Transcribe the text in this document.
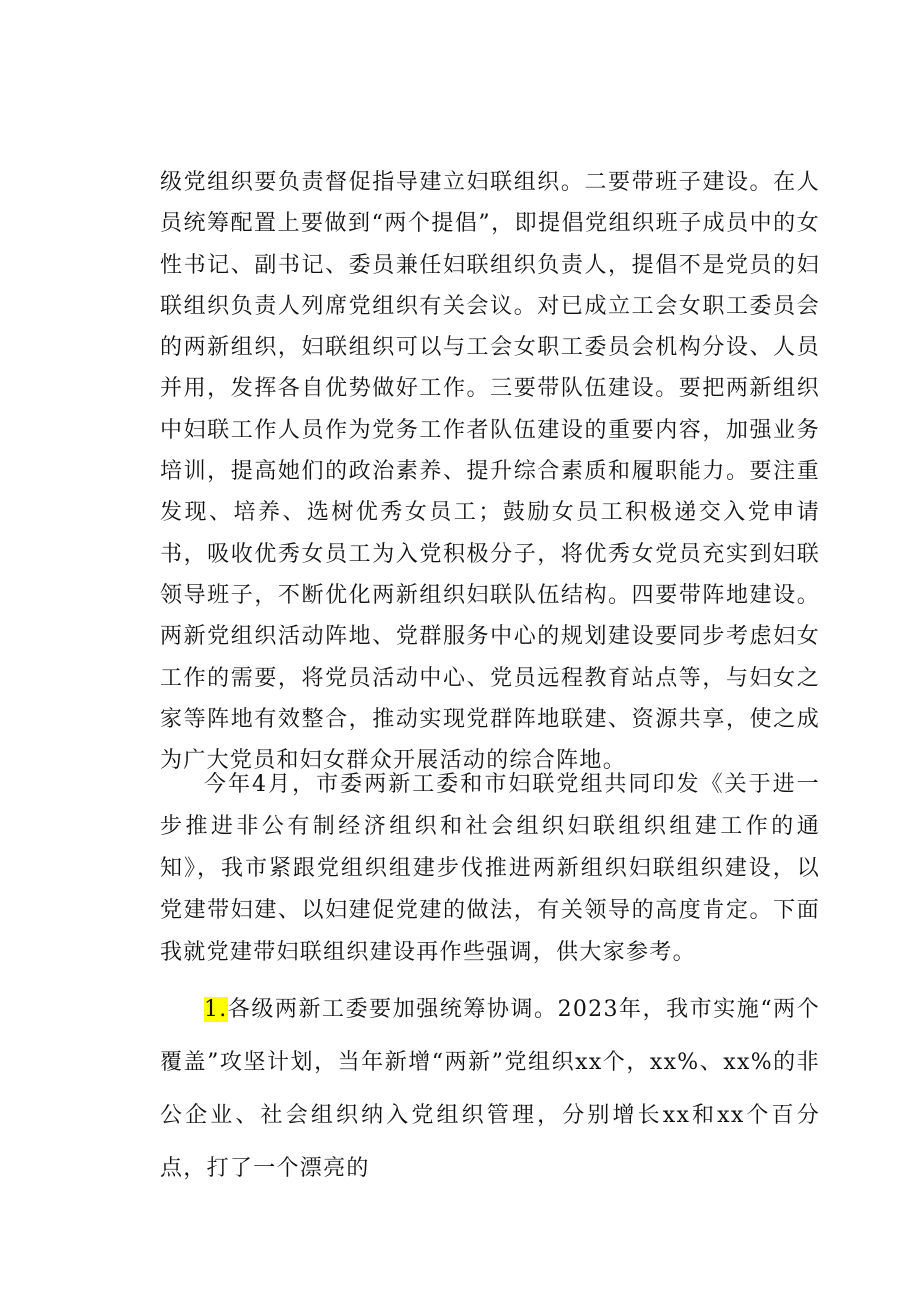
级党组织要负责督促指导建立妇联组织。二要带班子建设。在人员统筹配置上要做到“两个提倡”，即提倡党组织班子成员中的女性书记、副书记、委员兼任妇联组织负责人，提倡不是党员的妇联组织负责人列席党组织有关会议。对已成立工会女职工委员会的两新组织，妇联组织可以与工会女职工委员会机构分设、人员并用，发挥各自优势做好工作。三要带队伍建设。要把两新组织中妇联工作人员作为党务工作者队伍建设的重要内容，加强业务培训，提高她们的政治素养、提升综合素质和履职能力。要注重发现、培养、选树优秀女员工；鼓励女员工积极递交入党申请书，吸收优秀女员工为入党积极分子，将优秀女党员充实到妇联领导班子，不断优化两新组织妇联队伍结构。四要带阵地建设。两新党组织活动阵地、党群服务中心的规划建设要同步考虑妇女工作的需要，将党员活动中心、党员远程教育站点等，与妇女之家等阵地有效整合，推动实现党群阵地联建、资源共享，使之成为广大党员和妇女群众开展活动的综合阵地。

今年4月，市委两新工委和市妇联党组共同印发《关于进一步推进非公有制经济组织和社会组织妇联组织组建工作的通知》，我市紧跟党组织组建步伐推进两新组织妇联组织建设，以党建带妇建、以妇建促党建的做法，有关领导的高度肯定。下面我就党建带妇联组织建设再作些强调，供大家参考。

1.各级两新工委要加强统筹协调。2023年，我市实施“两个覆盖”攻坚计划，当年新增“两新”党组织xx个，xx%、xx%的非公企业、社会组织纳入党组织管理，分别增长xx和xx个百分点，打了一个漂亮的
